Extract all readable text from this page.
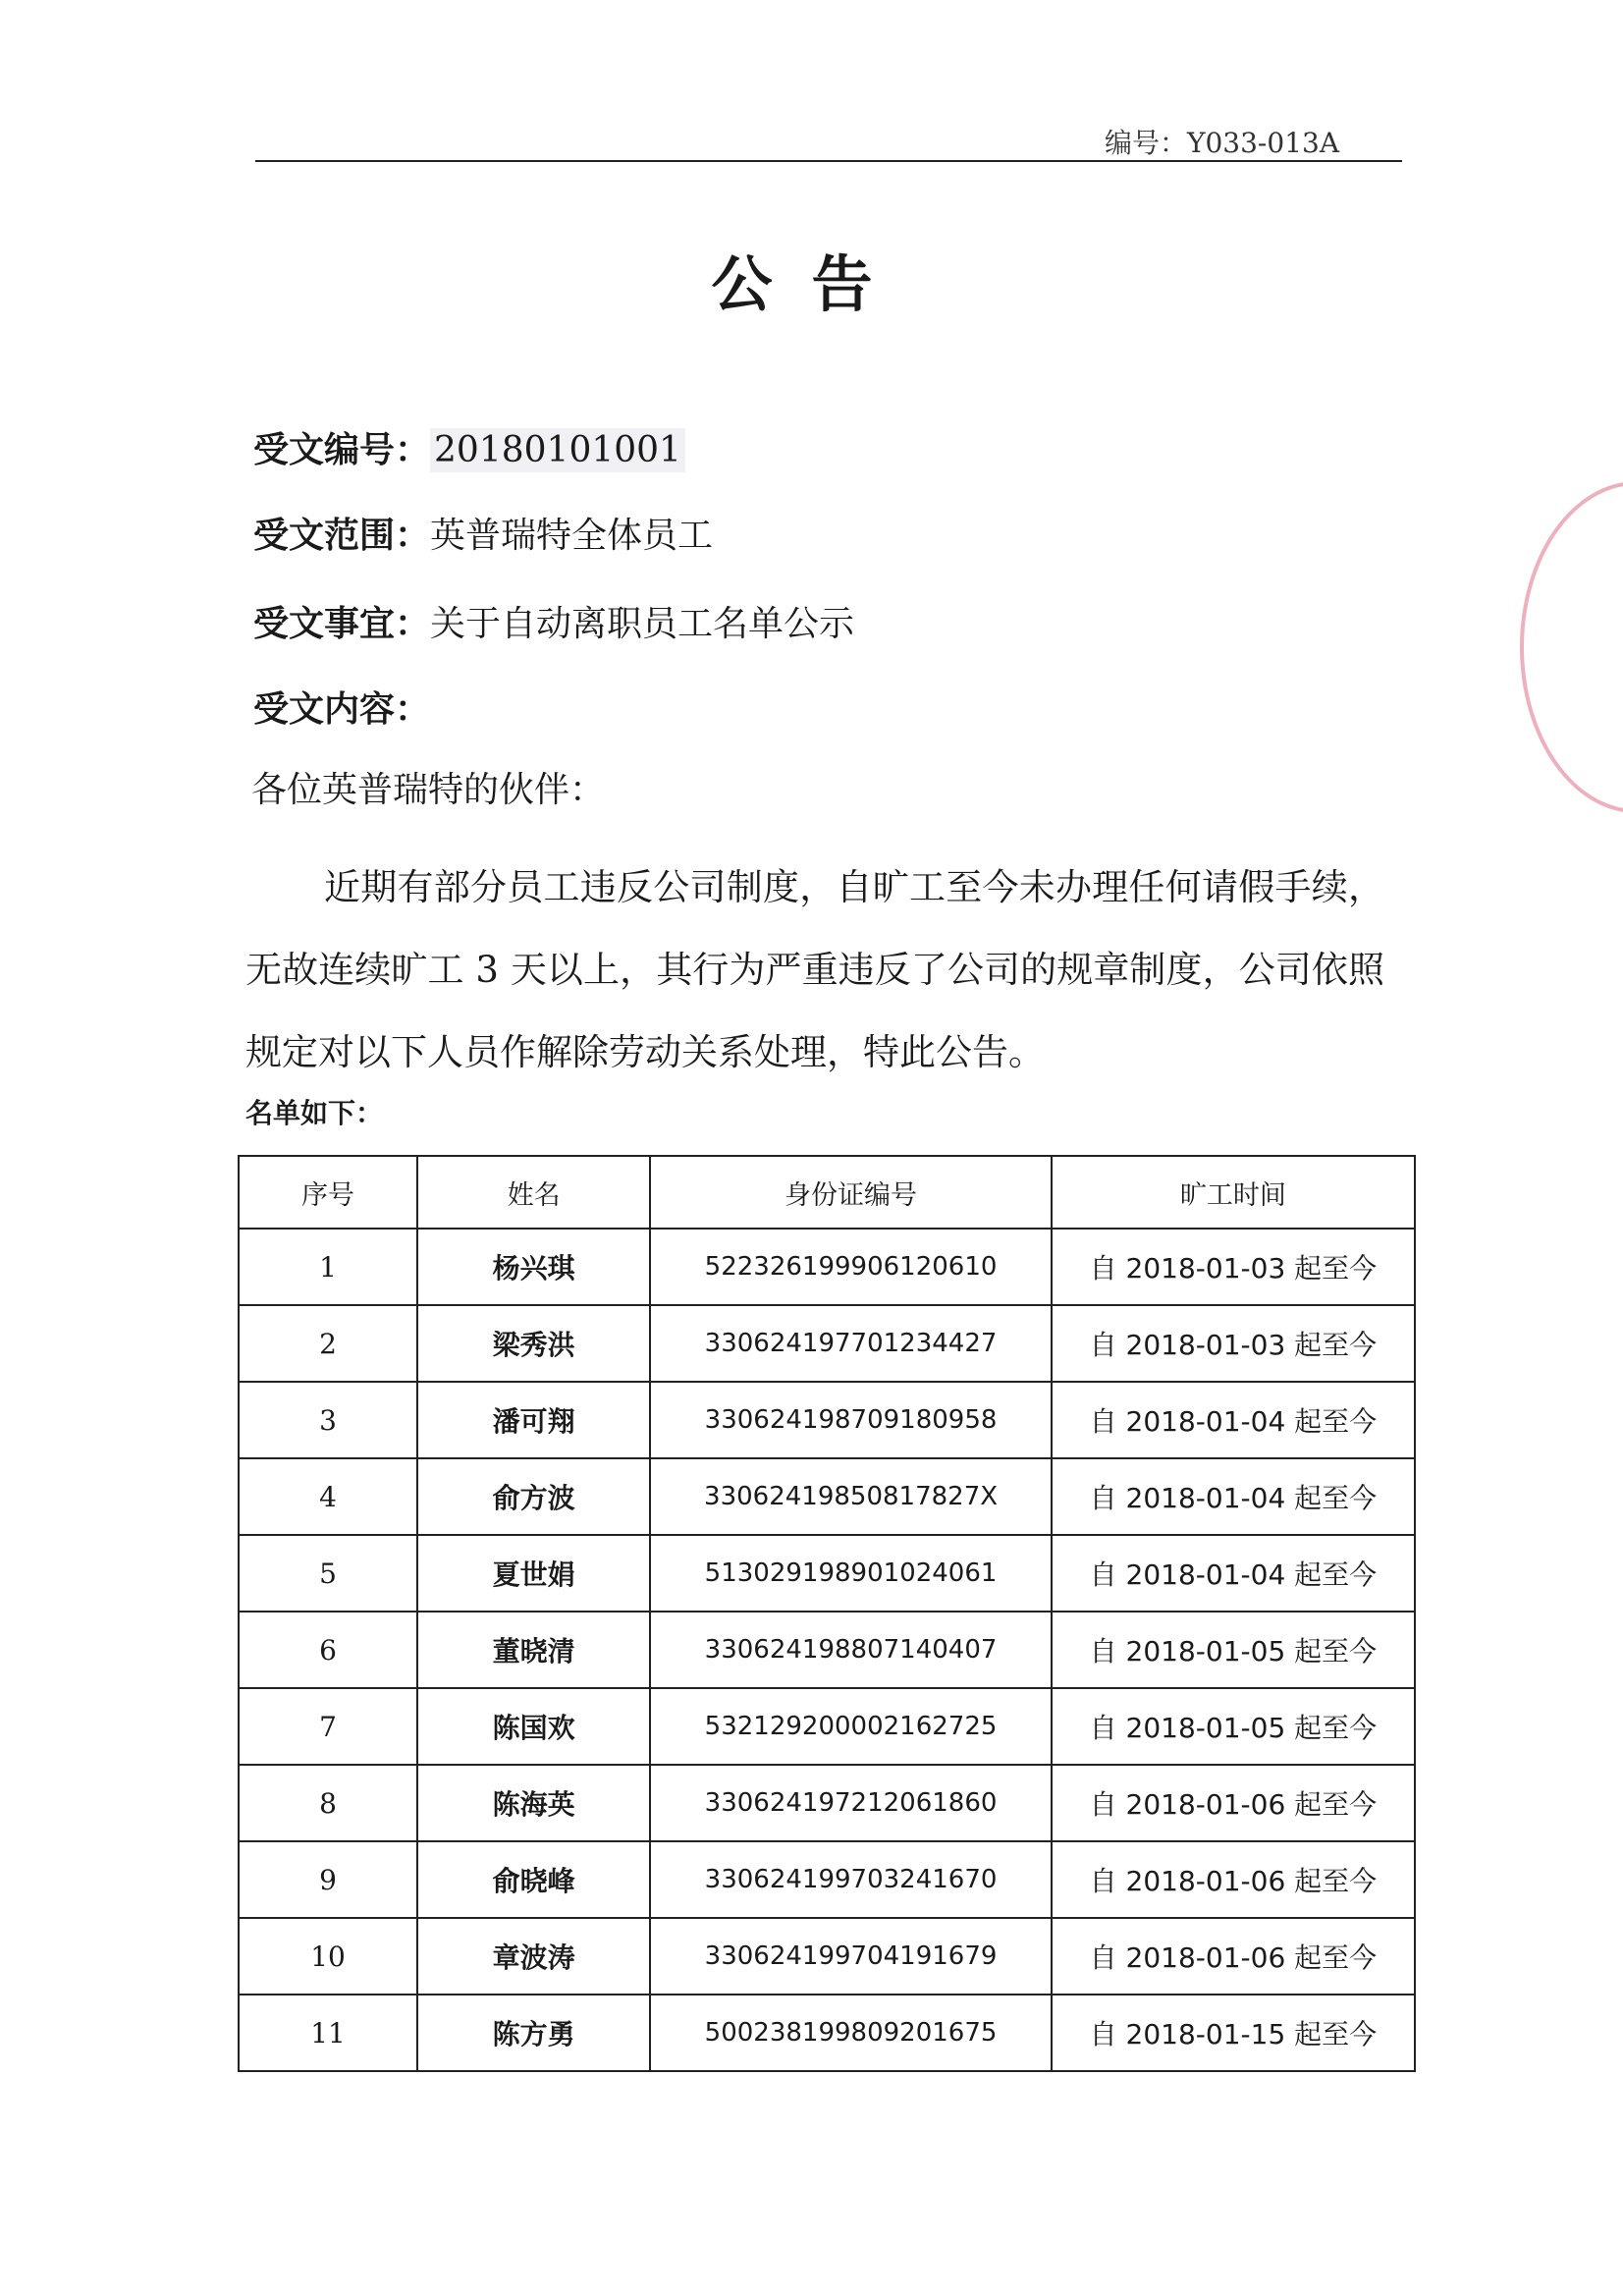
编号：Y033-013A
公告
受文编号： 20180101001
受文范围：英普瑞特全体员工
受文事宜：关于自动离职员工名单公示
受文内容：
各位英普瑞特的伙伴：
近期有部分员工违反公司制度，自旷工至今未办理任何请假手续，无故连续旷工 3 天以上，其行为严重违反了公司的规章制度，公司依照规定对以下人员作解除劳动关系处理，特此公告。
名单如下：
序号	姓名	身份证编号	旷工时间
1	杨兴琪	522326199906120610	自 2018-01-03 起至今
2	梁秀洪	330624197701234427	自 2018-01-03 起至今
3	潘可翔	330624198709180958	自 2018-01-04 起至今
4	俞方波	33062419850817827X	自 2018-01-04 起至今
5	夏世娟	513029198901024061	自 2018-01-04 起至今
6	董晓清	330624198807140407	自 2018-01-05 起至今
7	陈国欢	532129200002162725	自 2018-01-05 起至今
8	陈海英	330624197212061860	自 2018-01-06 起至今
9	俞晓峰	330624199703241670	自 2018-01-06 起至今
10	章波涛	330624199704191679	自 2018-01-06 起至今
11	陈方勇	500238199809201675	自 2018-01-15 起至今
